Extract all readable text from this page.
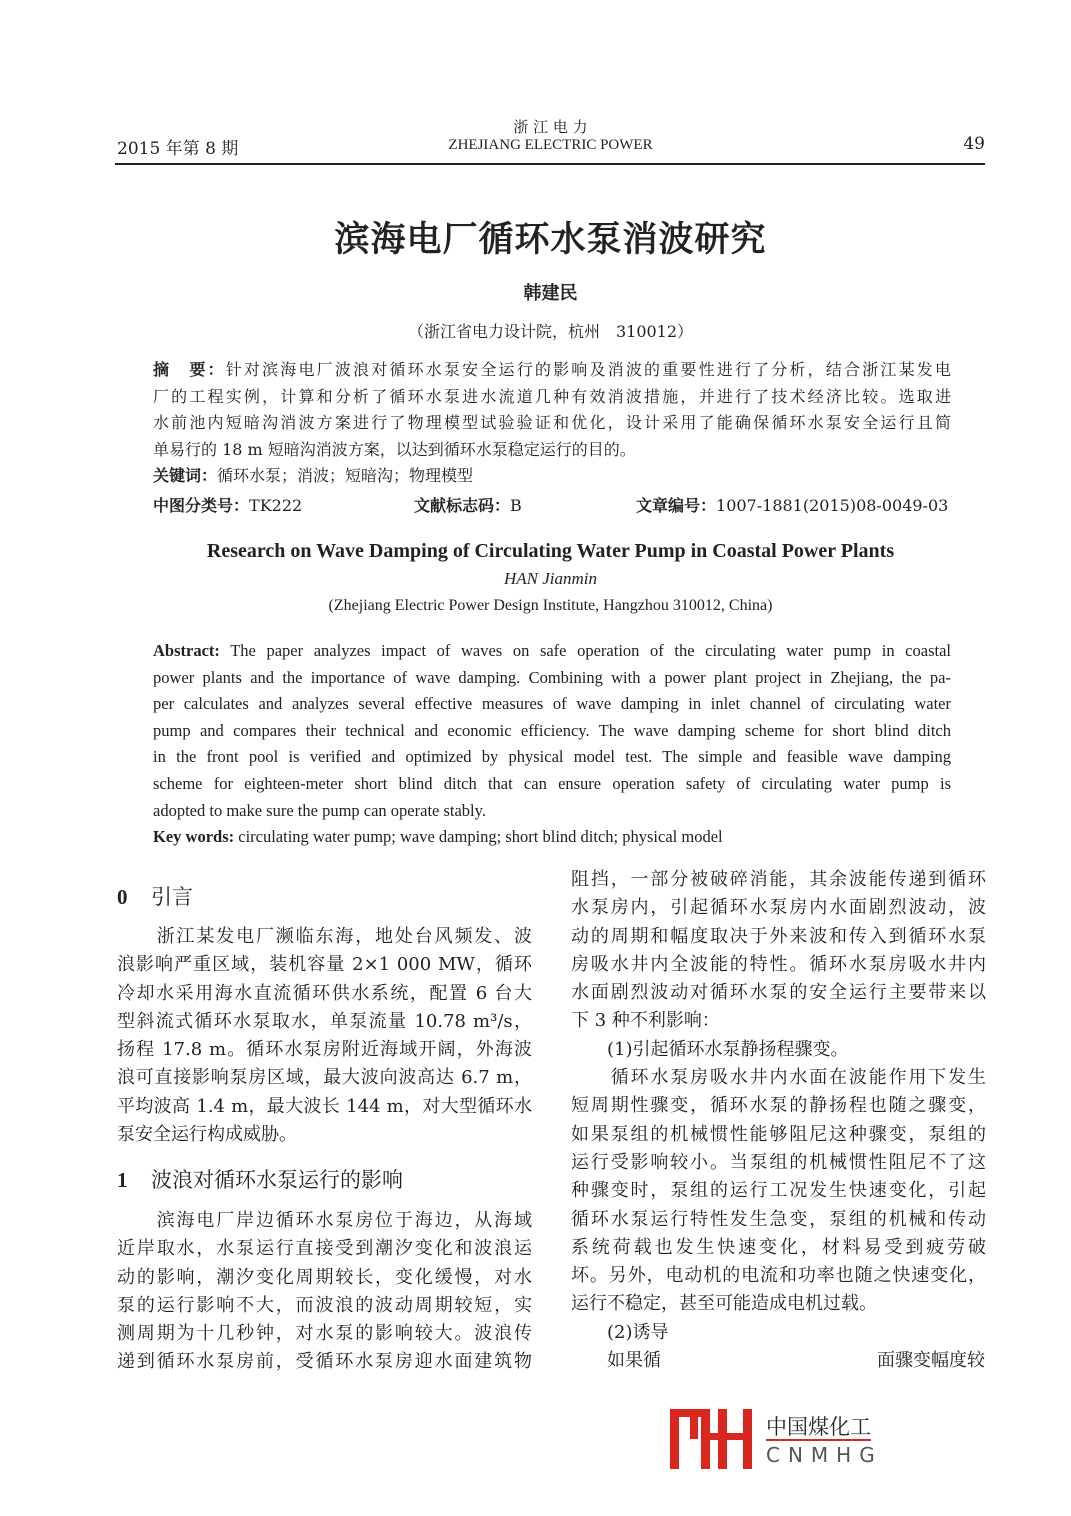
2015 年第 8 期
浙 江 电 力
ZHEJIANG ELECTRIC POWER	49
滨海电厂循环水泵消波研究
韩建民
（浙江省电力设计院，杭州　310012）
摘　要：针对滨海电厂波浪对循环水泵安全运行的影响及消波的重要性进行了分析，结合浙江某发电
厂的工程实例，计算和分析了循环水泵进水流道几种有效消波措施，并进行了技术经济比较。选取进
水前池内短暗沟消波方案进行了物理模型试验验证和优化，设计采用了能确保循环水泵安全运行且简
单易行的 18 m 短暗沟消波方案，以达到循环水泵稳定运行的目的。
关键词：循环水泵；消波；短暗沟；物理模型
中图分类号：TK222	文献标志码：B	文章编号：1007-1881(2015)08-0049-03
Research on Wave Damping of Circulating Water Pump in Coastal Power Plants
HAN Jianmin
(Zhejiang Electric Power Design Institute, Hangzhou 310012, China)
Abstract: The paper analyzes impact of waves on safe operation of the circulating water pump in coastal
power plants and the importance of wave damping. Combining with a power plant project in Zhejiang, the pa-
per calculates and analyzes several effective measures of wave damping in inlet channel of circulating water
pump and compares their technical and economic efficiency. The wave damping scheme for short blind ditch
in the front pool is verified and optimized by physical model test. The simple and feasible wave damping
scheme for eighteen-meter short blind ditch that can ensure operation safety of circulating water pump is
adopted to make sure the pump can operate stably.
Key words: circulating water pump; wave damping; short blind ditch; physical model
0 引言
　　浙江某发电厂濒临东海，地处台风频发、波
浪影响严重区域，装机容量 2×1 000 MW，循环
冷却水采用海水直流循环供水系统，配置 6 台大
型斜流式循环水泵取水，单泵流量 10.78 m³/s，
扬程 17.8 m。循环水泵房附近海域开阔，外海波
浪可直接影响泵房区域，最大波向波高达 6.7 m，
平均波高 1.4 m，最大波长 144 m，对大型循环水
泵安全运行构成威胁。
1 波浪对循环水泵运行的影响
　　滨海电厂岸边循环水泵房位于海边，从海域
近岸取水，水泵运行直接受到潮汐变化和波浪运
动的影响，潮汐变化周期较长，变化缓慢，对水
泵的运行影响不大，而波浪的波动周期较短，实
测周期为十几秒钟，对水泵的影响较大。波浪传
递到循环水泵房前，受循环水泵房迎水面建筑物
阻挡，一部分被破碎消能，其余波能传递到循环
水泵房内，引起循环水泵房内水面剧烈波动，波
动的周期和幅度取决于外来波和传入到循环水泵
房吸水井内全波能的特性。循环水泵房吸水井内
水面剧烈波动对循环水泵的安全运行主要带来以
下 3 种不利影响：
　　(1)引起循环水泵静扬程骤变。
　　循环水泵房吸水井内水面在波能作用下发生
短周期性骤变，循环水泵的静扬程也随之骤变，
如果泵组的机械惯性能够阻尼这种骤变，泵组的
运行受影响较小。当泵组的机械惯性阻尼不了这
种骤变时，泵组的运行工况发生快速变化，引起
循环水泵运行特性发生急变，泵组的机械和传动
系统荷载也发生快速变化，材料易受到疲劳破
坏。另外，电动机的电流和功率也随之快速变化，
运行不稳定，甚至可能造成电机过载。
　　(2)诱导
　　如果循　　　　　　　　　　　　面骤变幅度较
中国煤化工
CNMHG
